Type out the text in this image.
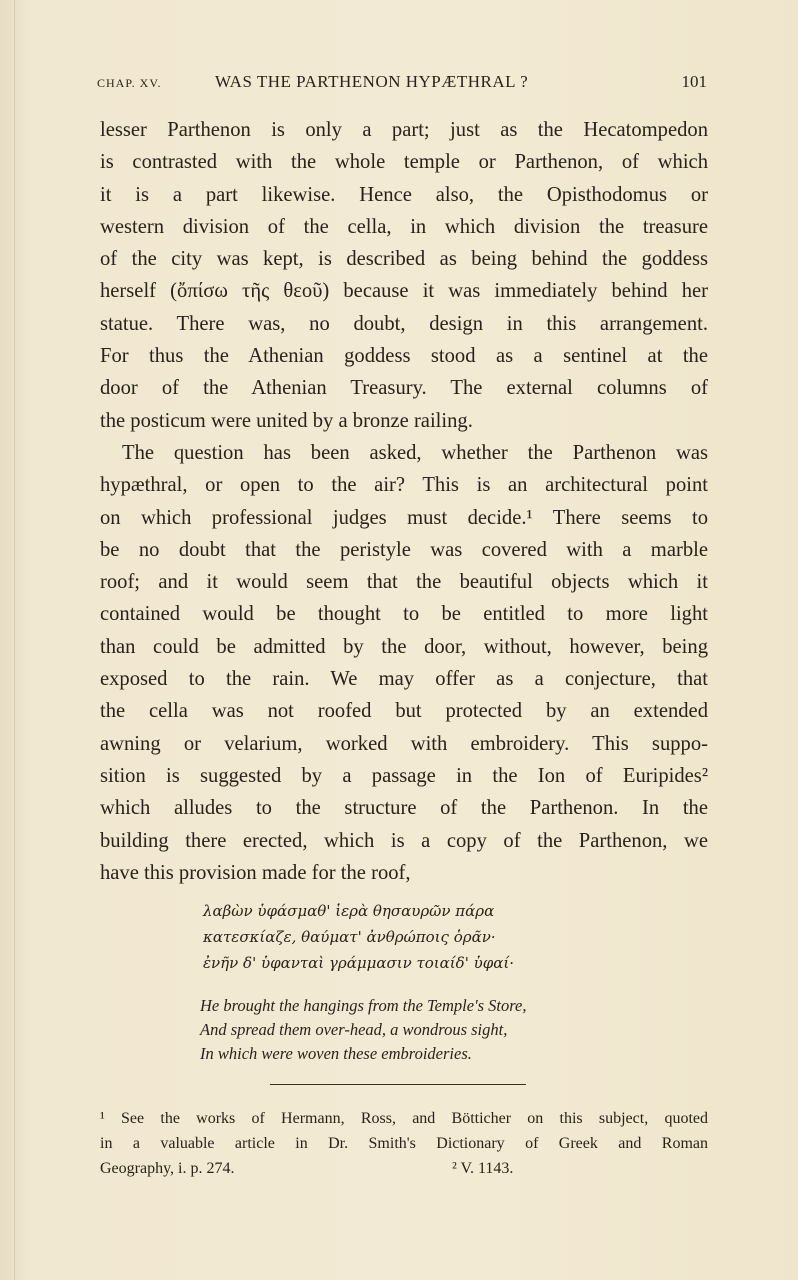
CHAP. XV.	WAS THE PARTHENON HYPÆTHRAL ?	101
lesser Parthenon is only a part; just as the Hecatompedon
is contrasted with the whole temple or Parthenon, of which
it is a part likewise. Hence also, the Opisthodomus or
western division of the cella, in which division the treasure
of the city was kept, is described as being behind the goddess
herself (ὄπίσω τῆς θεοῦ) because it was immediately behind her
statue. There was, no doubt, design in this arrangement.
For thus the Athenian goddess stood as a sentinel at the
door of the Athenian Treasury. The external columns of
the posticum were united by a bronze railing.
The question has been asked, whether the Parthenon was
hypæthral, or open to the air? This is an architectural point
on which professional judges must decide.¹ There seems to
be no doubt that the peristyle was covered with a marble
roof; and it would seem that the beautiful objects which it
contained would be thought to be entitled to more light
than could be admitted by the door, without, however, being
exposed to the rain. We may offer as a conjecture, that
the cella was not roofed but protected by an extended
awning or velarium, worked with embroidery. This suppo-
sition is suggested by a passage in the Ion of Euripides²
which alludes to the structure of the Parthenon. In the
building there erected, which is a copy of the Parthenon, we
have this provision made for the roof,
λαβὼν ὑφάσμαθ' ἱερὰ θησαυρῶν πάρα
κατεσκίαζε, θαύματ' ἀνθρώποις ὁρᾶν·
ἐνῆν δ' ὑφανταὶ γράμμασιν τοιαίδ' ὑφαί·
He brought the hangings from the Temple's Store,
And spread them over-head, a wondrous sight,
In which were woven these embroideries.
¹ See the works of Hermann, Ross, and Bötticher on this subject, quoted
in a valuable article in Dr. Smith's Dictionary of Greek and Roman
Geography, i. p. 274.	² V. 1143.
